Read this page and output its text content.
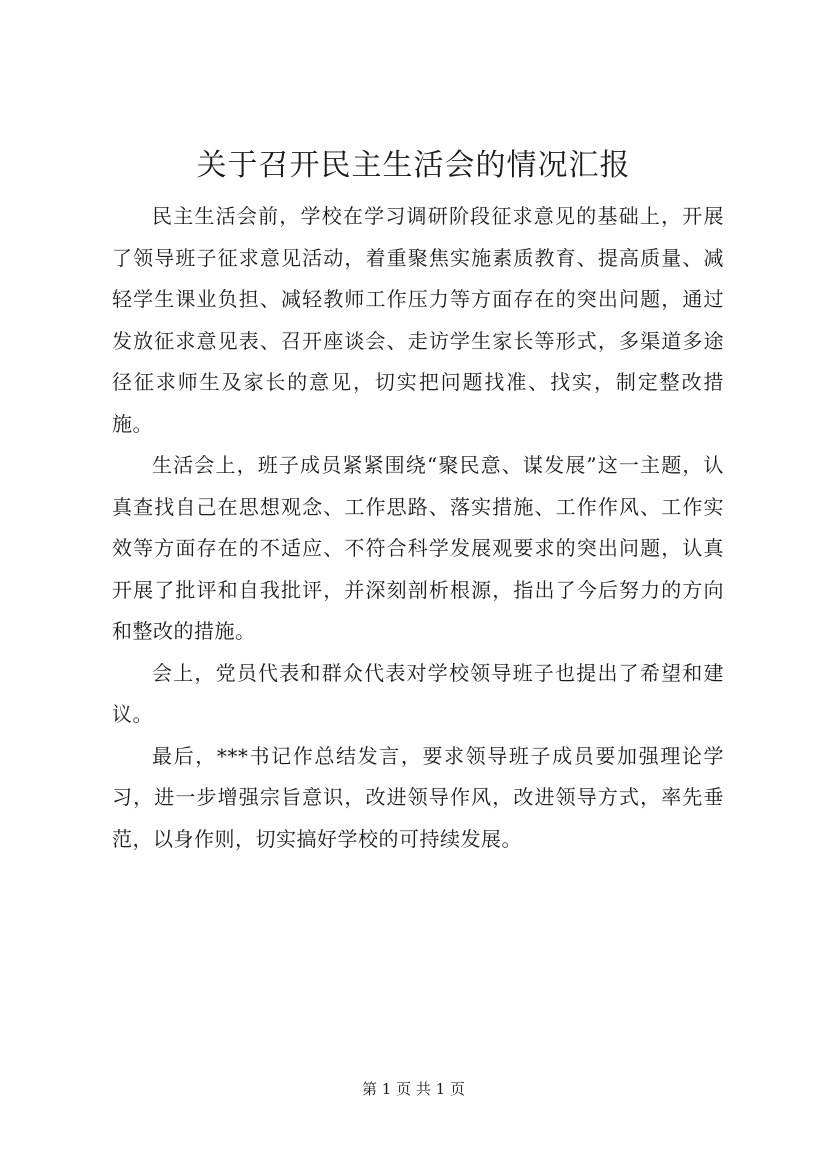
关于召开民主生活会的情况汇报

民主生活会前，学校在学习调研阶段征求意见的基础上，开展了领导班子征求意见活动，着重聚焦实施素质教育、提高质量、减轻学生课业负担、减轻教师工作压力等方面存在的突出问题，通过发放征求意见表、召开座谈会、走访学生家长等形式，多渠道多途径征求师生及家长的意见，切实把问题找准、找实，制定整改措施。

生活会上，班子成员紧紧围绕“聚民意、谋发展”这一主题，认真查找自己在思想观念、工作思路、落实措施、工作作风、工作实效等方面存在的不适应、不符合科学发展观要求的突出问题，认真开展了批评和自我批评，并深刻剖析根源，指出了今后努力的方向和整改的措施。

会上，党员代表和群众代表对学校领导班子也提出了希望和建议。

最后，***书记作总结发言，要求领导班子成员要加强理论学习，进一步增强宗旨意识，改进领导作风，改进领导方式，率先垂范，以身作则，切实搞好学校的可持续发展。

第 1 页 共 1 页
